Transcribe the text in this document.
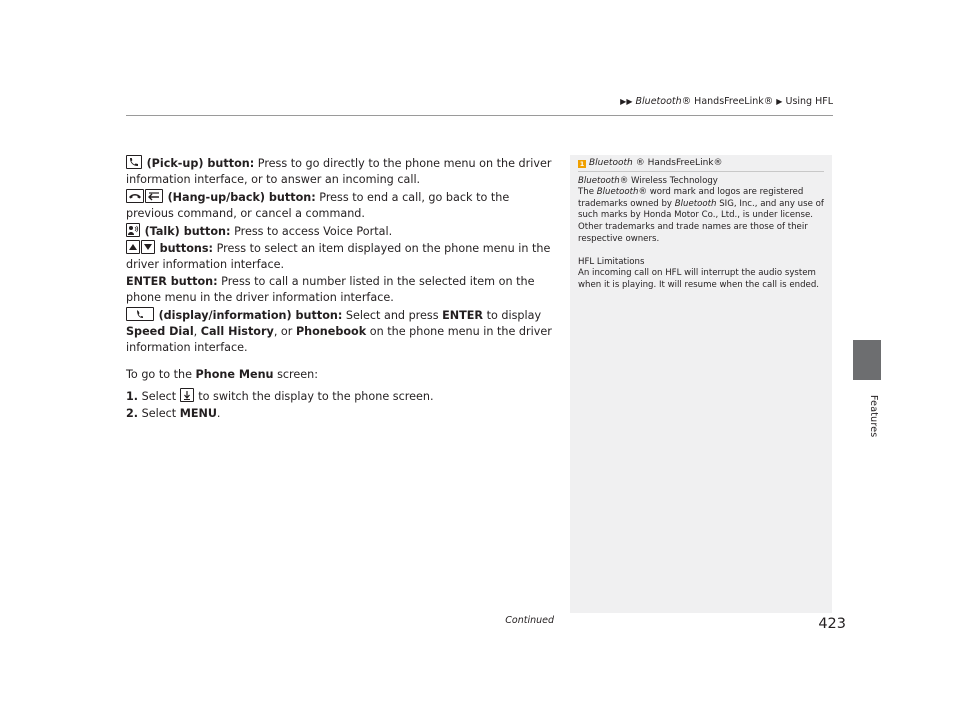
▶▶ Bluetooth® HandsFreeLink® ▶ Using HFL
Features

(Pick-up) button: Press to go directly to the phone menu on the driver information interface, or to answer an incoming call.

(Hang-up/back) button: Press to end a call, go back to the previous command, or cancel a command.

(Talk) button: Press to access Voice Portal.

buttons: Press to select an item displayed on the phone menu in the driver information interface.

ENTER button: Press to call a number listed in the selected item on the phone menu in the driver information interface.

(display/information) button: Select and press ENTER to display Speed Dial, Call History, or Phonebook on the phone menu in the driver information interface.

To go to the Phone Menu screen:

1. Select to switch the display to the phone screen.

2. Select MENU.

1 Bluetooth ® HandsFreeLink®

Bluetooth® Wireless Technology

The Bluetooth® word mark and logos are registered trademarks owned by Bluetooth SIG, Inc., and any use of such marks by Honda Motor Co., Ltd., is under license. Other trademarks and trade names are those of their respective owners.

HFL Limitations

An incoming call on HFL will interrupt the audio system when it is playing. It will resume when the call is ended.

Continued	423
